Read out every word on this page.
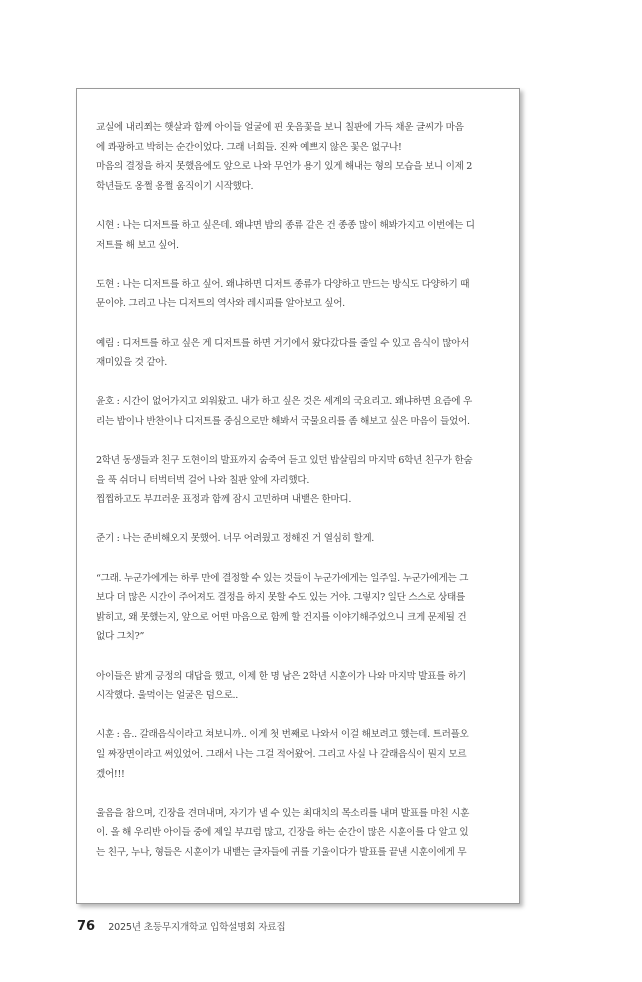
교실에 내리쬐는 햇살과 함께 아이들 얼굴에 핀 웃음꽃을 보니 칠판에 가득 채운 글씨가 마음
에 콰광하고 박히는 순간이었다. 그래 너희들. 진짜 예쁘지 않은 꽃은 없구나!
마음의 결정을 하지 못했음에도 앞으로 나와 무언가 용기 있게 해내는 형의 모습을 보니 이제 2
학년들도 옹쩔 옹쩔 움직이기 시작했다.
시현 : 나는 디저트를 하고 싶은데. 왜냐면 밥의 종류 같은 건 종종 많이 해봐가지고 이번에는 디
저트를 해 보고 싶어.
도현 : 나는 디저트를 하고 싶어. 왜냐하면 디저트 종류가 다양하고 만드는 방식도 다양하기 때
문이야. 그리고 나는 디저트의 역사와 레시피를 알아보고 싶어.
예림 : 디저트를 하고 싶은 게 디저트를 하면 거기에서 왔다갔다를 줄일 수 있고 음식이 많아서
재미있을 것 같아.
윤호 : 시간이 없어가지고 외워왔고. 내가 하고 싶은 것은 세계의 국요리고. 왜냐하면 요즘에 우
리는 밥이나 반찬이나 디저트를 중심으로만 해봐서 국물요리를 좀 해보고 싶은 마음이 들었어.
2학년 동생들과 친구 도현이의 발표까지 숨죽여 듣고 있던 밥살림의 마지막 6학년 친구가 한숨
을 푹 쉬더니 터벅터벅 걸어 나와 칠판 앞에 자리했다.
찝찝하고도 부끄러운 표정과 함께 잠시 고민하며 내뱉은 한마디.
준기 : 나는 준비해오지 못했어. 너무 어려웠고 정해진 거 열심히 할게.
“그래. 누군가에게는 하루 만에 결정할 수 있는 것들이 누군가에게는 일주일. 누군가에게는 그
보다 더 많은 시간이 주어져도 결정을 하지 못할 수도 있는 거야. 그렇지? 일단 스스로 상태를
밝히고, 왜 못했는지, 앞으로 어떤 마음으로 함께 할 건지를 이야기해주었으니 크게 문제될 건
없다 그치?”
아이들은 밝게 긍정의 대답을 했고, 이제 한 명 남은 2학년 시훈이가 나와 마지막 발표를 하기
시작했다. 울먹이는 얼굴은 덤으로..
시훈 : 음.. 갈래음식이라고 쳐보니까.. 이게 첫 번째로 나와서 이걸 해보려고 했는데. 트러플오
일 짜장면이라고 써있었어. 그래서 나는 그걸 적어왔어. 그리고 사실 나 갈래음식이 뭔지 모르
겠어!!!
울음을 참으며, 긴장을 견뎌내며, 자기가 낼 수 있는 최대치의 목소리를 내며 발표를 마친 시훈
이. 올 해 우리반 아이들 중에 제일 부끄럼 많고, 긴장을 하는 순간이 많은 시훈이를 다 알고 있
는 친구, 누나, 형들은 시훈이가 내뱉는 글자들에 귀를 기울이다가 발표를 끝낸 시훈이에게 무
76 2025년 초등무지개학교 입학설명회 자료집
